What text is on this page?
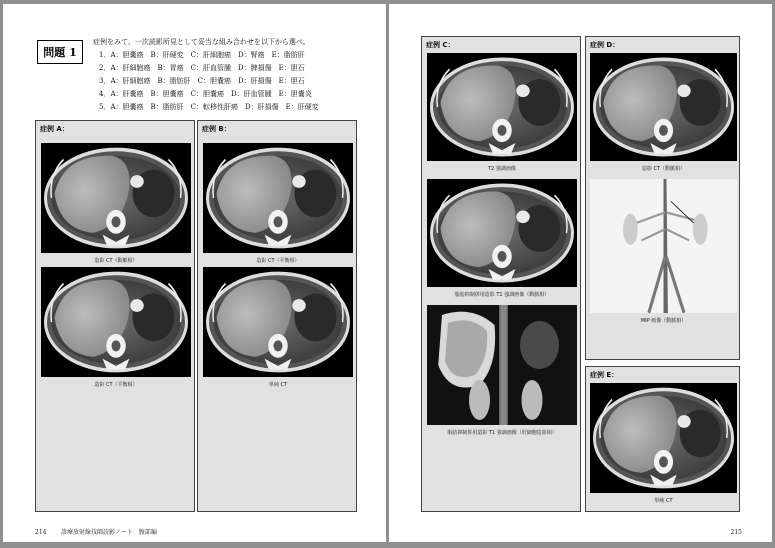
問題 1
症例をみて、一次読影所見として妥当な組み合わせを以下から選べ。
1．A：胆嚢癌　B：肝硬変　C：肝細胞癌　D：腎癌　E：脂肪肝
2．A：肝細胞癌　B：胃癌　C：肝血管腫　D：脾損傷　E：胆石
3．A：肝細胞癌　B：脂肪肝　C：胆嚢癌　D：肝損傷　E：胆石
4．A：肝嚢癌　B：胆嚢癌　C：胆嚢癌　D：肝血管腫　E：胆嚢炎
5．A：胆嚢癌　B：脂肪肝　C：転移性肝癌　D：肝損傷　E：肝硬変
症例 A：
造影 CT（動脈相）
造影 CT（平衡相）
症例 B：
造影 CT（平衡相）
単純 CT
214 診療放射線技師読影ノート　腹部編
症例 C：
T2 強調画像
脂肪抑制併用造影 T1 強調画像（動脈相）
脂肪抑制併用造影 T1 強調画像（肝細胞造影相）
症例 D：
造影 CT（動脈相）
MIP 画像（動脈相）
症例 E：
単純 CT
215
